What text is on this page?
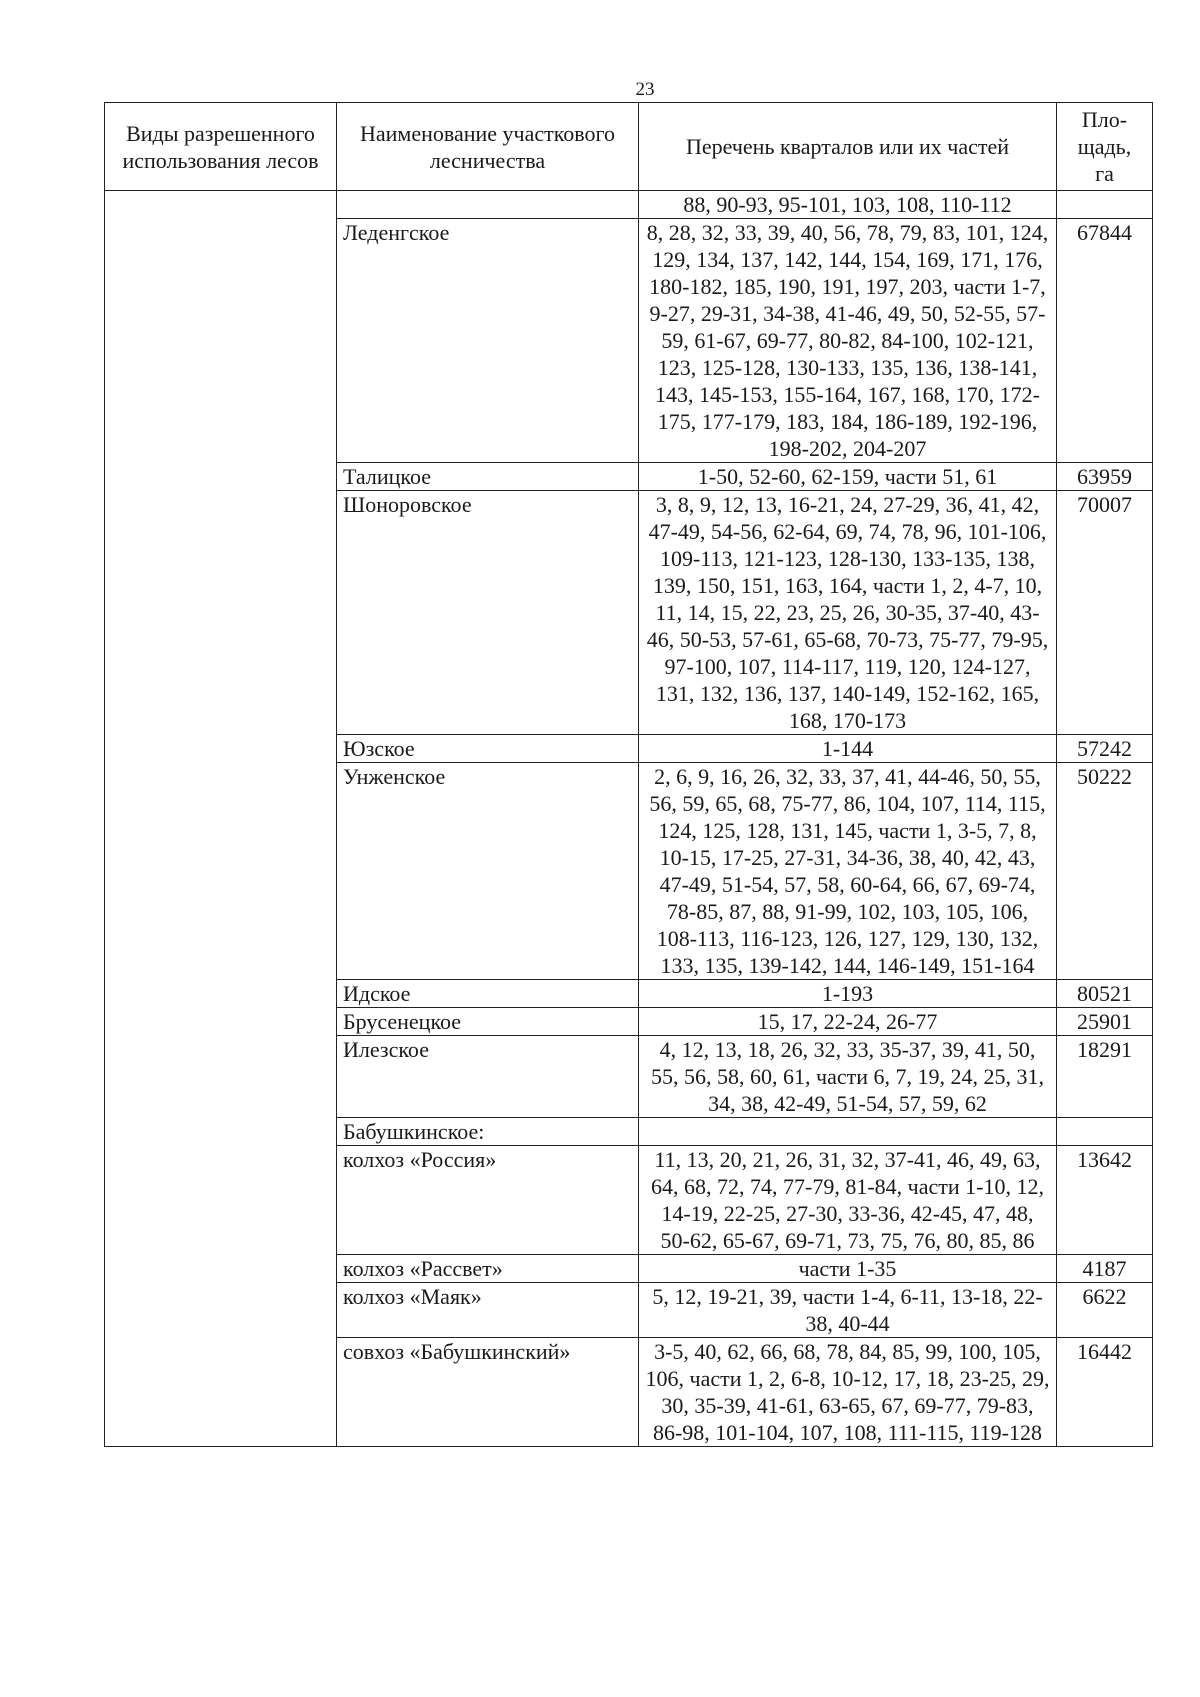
23
Виды разрешенного использования лесов	Наименование участкового лесничества	Перечень кварталов или их частей	Пло-щадь, га
		88, 90-93, 95-101, 103, 108, 110-112	
	Леденгское	8, 28, 32, 33, 39, 40, 56, 78, 79, 83, 101, 124, 129, 134, 137, 142, 144, 154, 169, 171, 176, 180-182, 185, 190, 191, 197, 203, части 1-7, 9-27, 29-31, 34-38, 41-46, 49, 50, 52-55, 57-59, 61-67, 69-77, 80-82, 84-100, 102-121, 123, 125-128, 130-133, 135, 136, 138-141, 143, 145-153, 155-164, 167, 168, 170, 172-175, 177-179, 183, 184, 186-189, 192-196, 198-202, 204-207	67844
	Талицкое	1-50, 52-60, 62-159, части 51, 61	63959
	Шоноровское	3, 8, 9, 12, 13, 16-21, 24, 27-29, 36, 41, 42, 47-49, 54-56, 62-64, 69, 74, 78, 96, 101-106, 109-113, 121-123, 128-130, 133-135, 138, 139, 150, 151, 163, 164, части 1, 2, 4-7, 10, 11, 14, 15, 22, 23, 25, 26, 30-35, 37-40, 43-46, 50-53, 57-61, 65-68, 70-73, 75-77, 79-95, 97-100, 107, 114-117, 119, 120, 124-127, 131, 132, 136, 137, 140-149, 152-162, 165, 168, 170-173	70007
	Юзское	1-144	57242
	Унженское	2, 6, 9, 16, 26, 32, 33, 37, 41, 44-46, 50, 55, 56, 59, 65, 68, 75-77, 86, 104, 107, 114, 115, 124, 125, 128, 131, 145, части 1, 3-5, 7, 8, 10-15, 17-25, 27-31, 34-36, 38, 40, 42, 43, 47-49, 51-54, 57, 58, 60-64, 66, 67, 69-74, 78-85, 87, 88, 91-99, 102, 103, 105, 106, 108-113, 116-123, 126, 127, 129, 130, 132, 133, 135, 139-142, 144, 146-149, 151-164	50222
	Идское	1-193	80521
	Брусенецкое	15, 17, 22-24, 26-77	25901
	Илезское	4, 12, 13, 18, 26, 32, 33, 35-37, 39, 41, 50, 55, 56, 58, 60, 61, части 6, 7, 19, 24, 25, 31, 34, 38, 42-49, 51-54, 57, 59, 62	18291
	Бабушкинское:		
	колхоз «Россия»	11, 13, 20, 21, 26, 31, 32, 37-41, 46, 49, 63, 64, 68, 72, 74, 77-79, 81-84, части 1-10, 12, 14-19, 22-25, 27-30, 33-36, 42-45, 47, 48, 50-62, 65-67, 69-71, 73, 75, 76, 80, 85, 86	13642
	колхоз «Рассвет»	части 1-35	4187
	колхоз «Маяк»	5, 12, 19-21, 39, части 1-4, 6-11, 13-18, 22-38, 40-44	6622
	совхоз «Бабушкинский»	3-5, 40, 62, 66, 68, 78, 84, 85, 99, 100, 105, 106, части 1, 2, 6-8, 10-12, 17, 18, 23-25, 29, 30, 35-39, 41-61, 63-65, 67, 69-77, 79-83, 86-98, 101-104, 107, 108, 111-115, 119-128	16442
